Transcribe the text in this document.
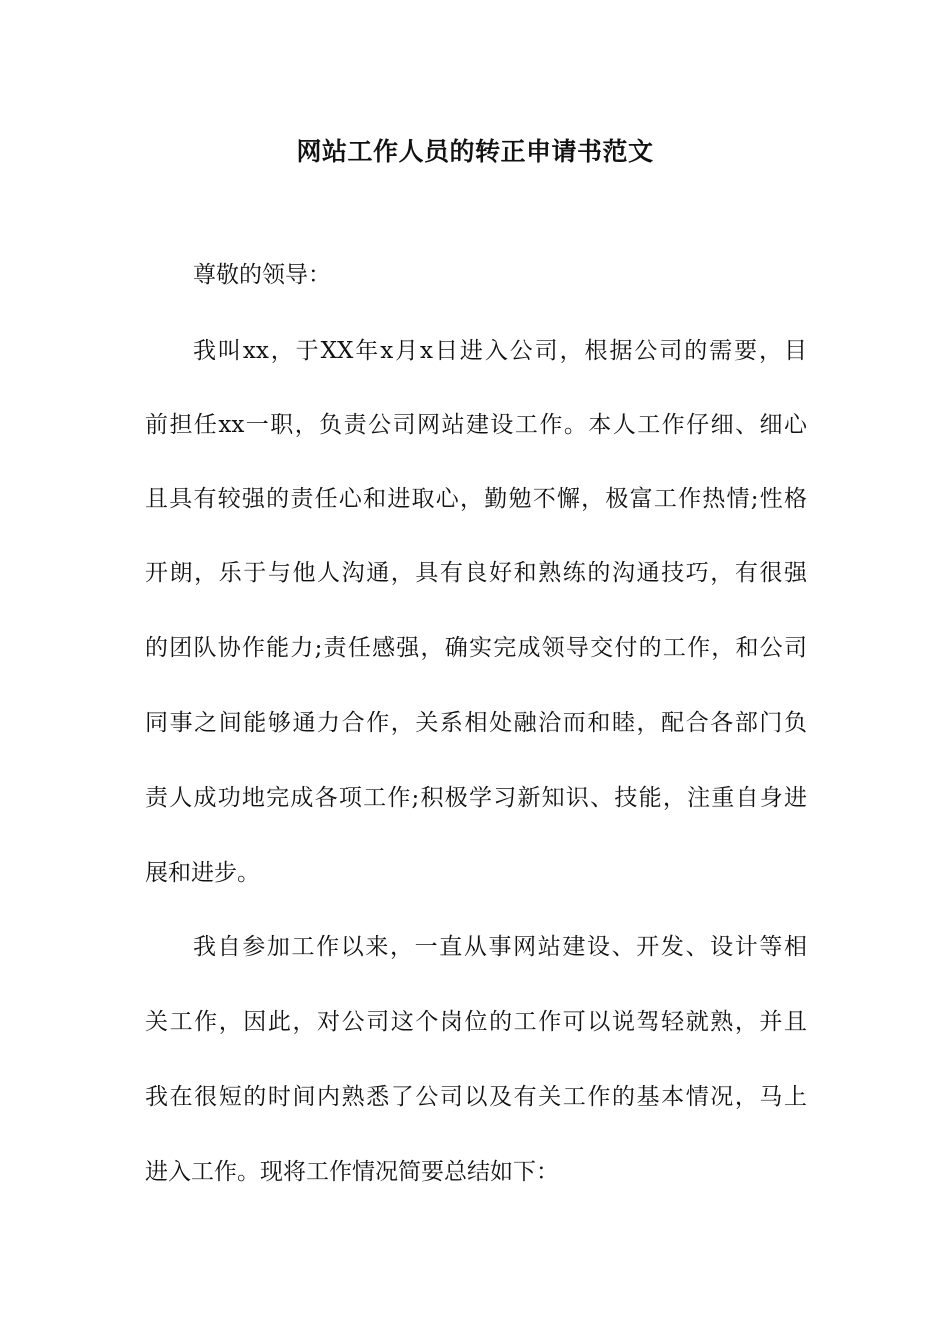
网站工作人员的转正申请书范文
尊敬的领导：
我叫xx，于XX年x月x日进入公司，根据公司的需要，目
前担任xx一职，负责公司网站建设工作。本人工作仔细、细心
且具有较强的责任心和进取心，勤勉不懈，极富工作热情;性格
开朗，乐于与他人沟通，具有良好和熟练的沟通技巧，有很强
的团队协作能力;责任感强，确实完成领导交付的工作，和公司
同事之间能够通力合作，关系相处融洽而和睦，配合各部门负
责人成功地完成各项工作;积极学习新知识、技能，注重自身进
展和进步。
我自参加工作以来，一直从事网站建设、开发、设计等相
关工作，因此，对公司这个岗位的工作可以说驾轻就熟，并且
我在很短的时间内熟悉了公司以及有关工作的基本情况，马上
进入工作。现将工作情况简要总结如下：
